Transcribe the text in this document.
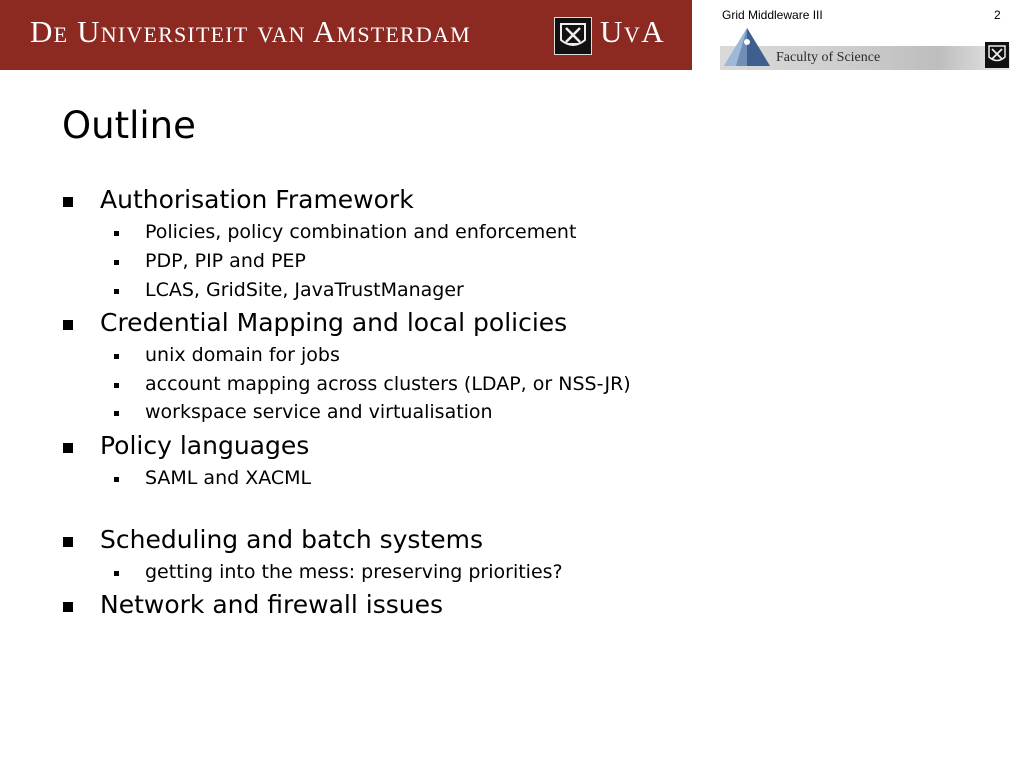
De Universiteit van Amsterdam	UvA	Grid Middleware III	2
Faculty of Science
Outline
Authorisation Framework
Policies, policy combination and enforcement
PDP, PIP and PEP
LCAS, GridSite, JavaTrustManager
Credential Mapping and local policies
unix domain for jobs
account mapping across clusters (LDAP, or NSS-JR)
workspace service and virtualisation
Policy languages
SAML and XACML
Scheduling and batch systems
getting into the mess: preserving priorities?
Network and firewall issues
